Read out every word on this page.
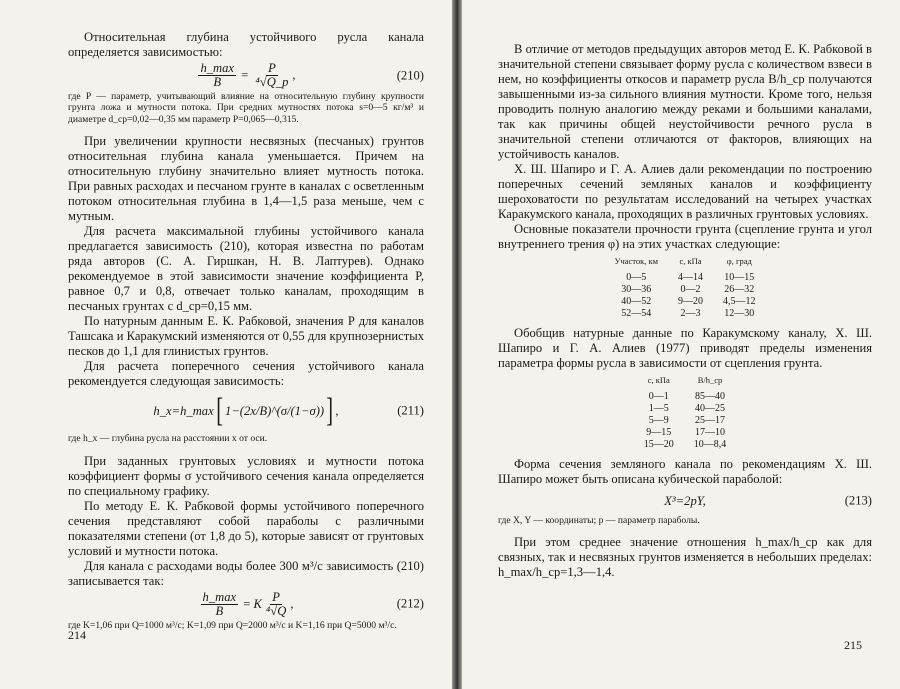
Относительная глубина устойчивого русла канала определяется зависимостью:

$\frac{h\_\max}{B} = \frac{P}{\text{⁴√Q\_р}}$ ,	(210)

где P — параметр, учитывающий влияние на относительную глубину крупности грунта ложа и мутности потока. При средних мутностях потока s=0—5 кг/м³ и диаметре d_ср=0,02—0,35 мм параметр P=0,065—0,315.

При увеличении крупности несвязных (песчаных) грунтов относительная глубина канала уменьшается. Причем на относительную глубину значительно влияет мутность потока. При равных расходах и песчаном грунте в каналах с осветленным потоком относительная глубина в 1,4—1,5 раза меньше, чем с мутным.

Для расчета максимальной глубины устойчивого канала предлагается зависимость (210), которая известна по работам ряда авторов (С. А. Гиршкан, Н. В. Лаптурев). Однако рекомендуемое в этой зависимости значение коэффициента P, равное 0,7 и 0,8, отвечает только каналам, проходящим в песчаных грунтах с d_ср=0,15 мм.

По натурным данным Е. К. Рабковой, значения P для каналов Ташсака и Каракумский изменяются от 0,55 для крупнозернистых песков до 1,1 для глинистых грунтов.

Для расчета поперечного сечения устойчивого канала рекомендуется следующая зависимость:

h_x=h_max [ 1−(2x/B)^(σ/(1−σ)) ] ,	(211)

где h_x — глубина русла на расстоянии x от оси.

При заданных грунтовых условиях и мутности потока коэффициент формы σ устойчивого сечения канала определяется по специальному графику.

По методу Е. К. Рабковой формы устойчивого поперечного сечения представляют собой параболы с различными показателями степени (от 1,8 до 5), которые зависят от грунтовых условий и мутности потока.

Для канала с расходами воды более 300 м³/с зависимость (210) записывается так:

$\frac{h\_\max}{B} = K \frac{P}{\text{⁴√Q}}$ ,	(212)

где K=1,06 при Q=1000 м³/с; K=1,09 при Q=2000 м³/с и K=1,16 при Q=5000 м³/с.

214

В отличие от методов предыдущих авторов метод Е. К. Рабковой в значительной степени связывает форму русла с количеством взвеси в нем, но коэффициенты откосов и параметр русла B/h_ср получаются завышенными из-за сильного влияния мутности. Кроме того, нельзя проводить полную аналогию между реками и большими каналами, так как причины общей неустойчивости речного русла в значительной степени отличаются от факторов, влияющих на устойчивость каналов.

Х. Ш. Шапиро и Г. А. Алиев дали рекомендации по построению поперечных сечений земляных каналов и коэффициенту шероховатости по результатам исследований на четырех участках Каракумского канала, проходящих в различных грунтовых условиях.

Основные показатели прочности грунта (сцепление грунта и угол внутреннего трения φ) на этих участках следующие:

Участок, км	с, кПа	φ, град
0—5	4—14	10—15
30—36	0—2	26—32
40—52	9—20	4,5—12
52—54	2—3	12—30

Обобщив натурные данные по Каракумскому каналу, Х. Ш. Шапиро и Г. А. Алиев (1977) приводят пределы изменения параметра формы русла в зависимости от сцепления грунта.

с, кПа	B/h_ср
0—1	85—40
1—5	40—25
5—9	25—17
9—15	17—10
15—20	10—8,4

Форма сечения земляного канала по рекомендациям Х. Ш. Шапиро может быть описана кубической параболой:

X³=2pY,	(213)

где X, Y — координаты; p — параметр параболы.

При этом среднее значение отношения h_max/h_ср как для связных, так и несвязных грунтов изменяется в небольших пределах: h_max/h_ср=1,3—1,4.

215
